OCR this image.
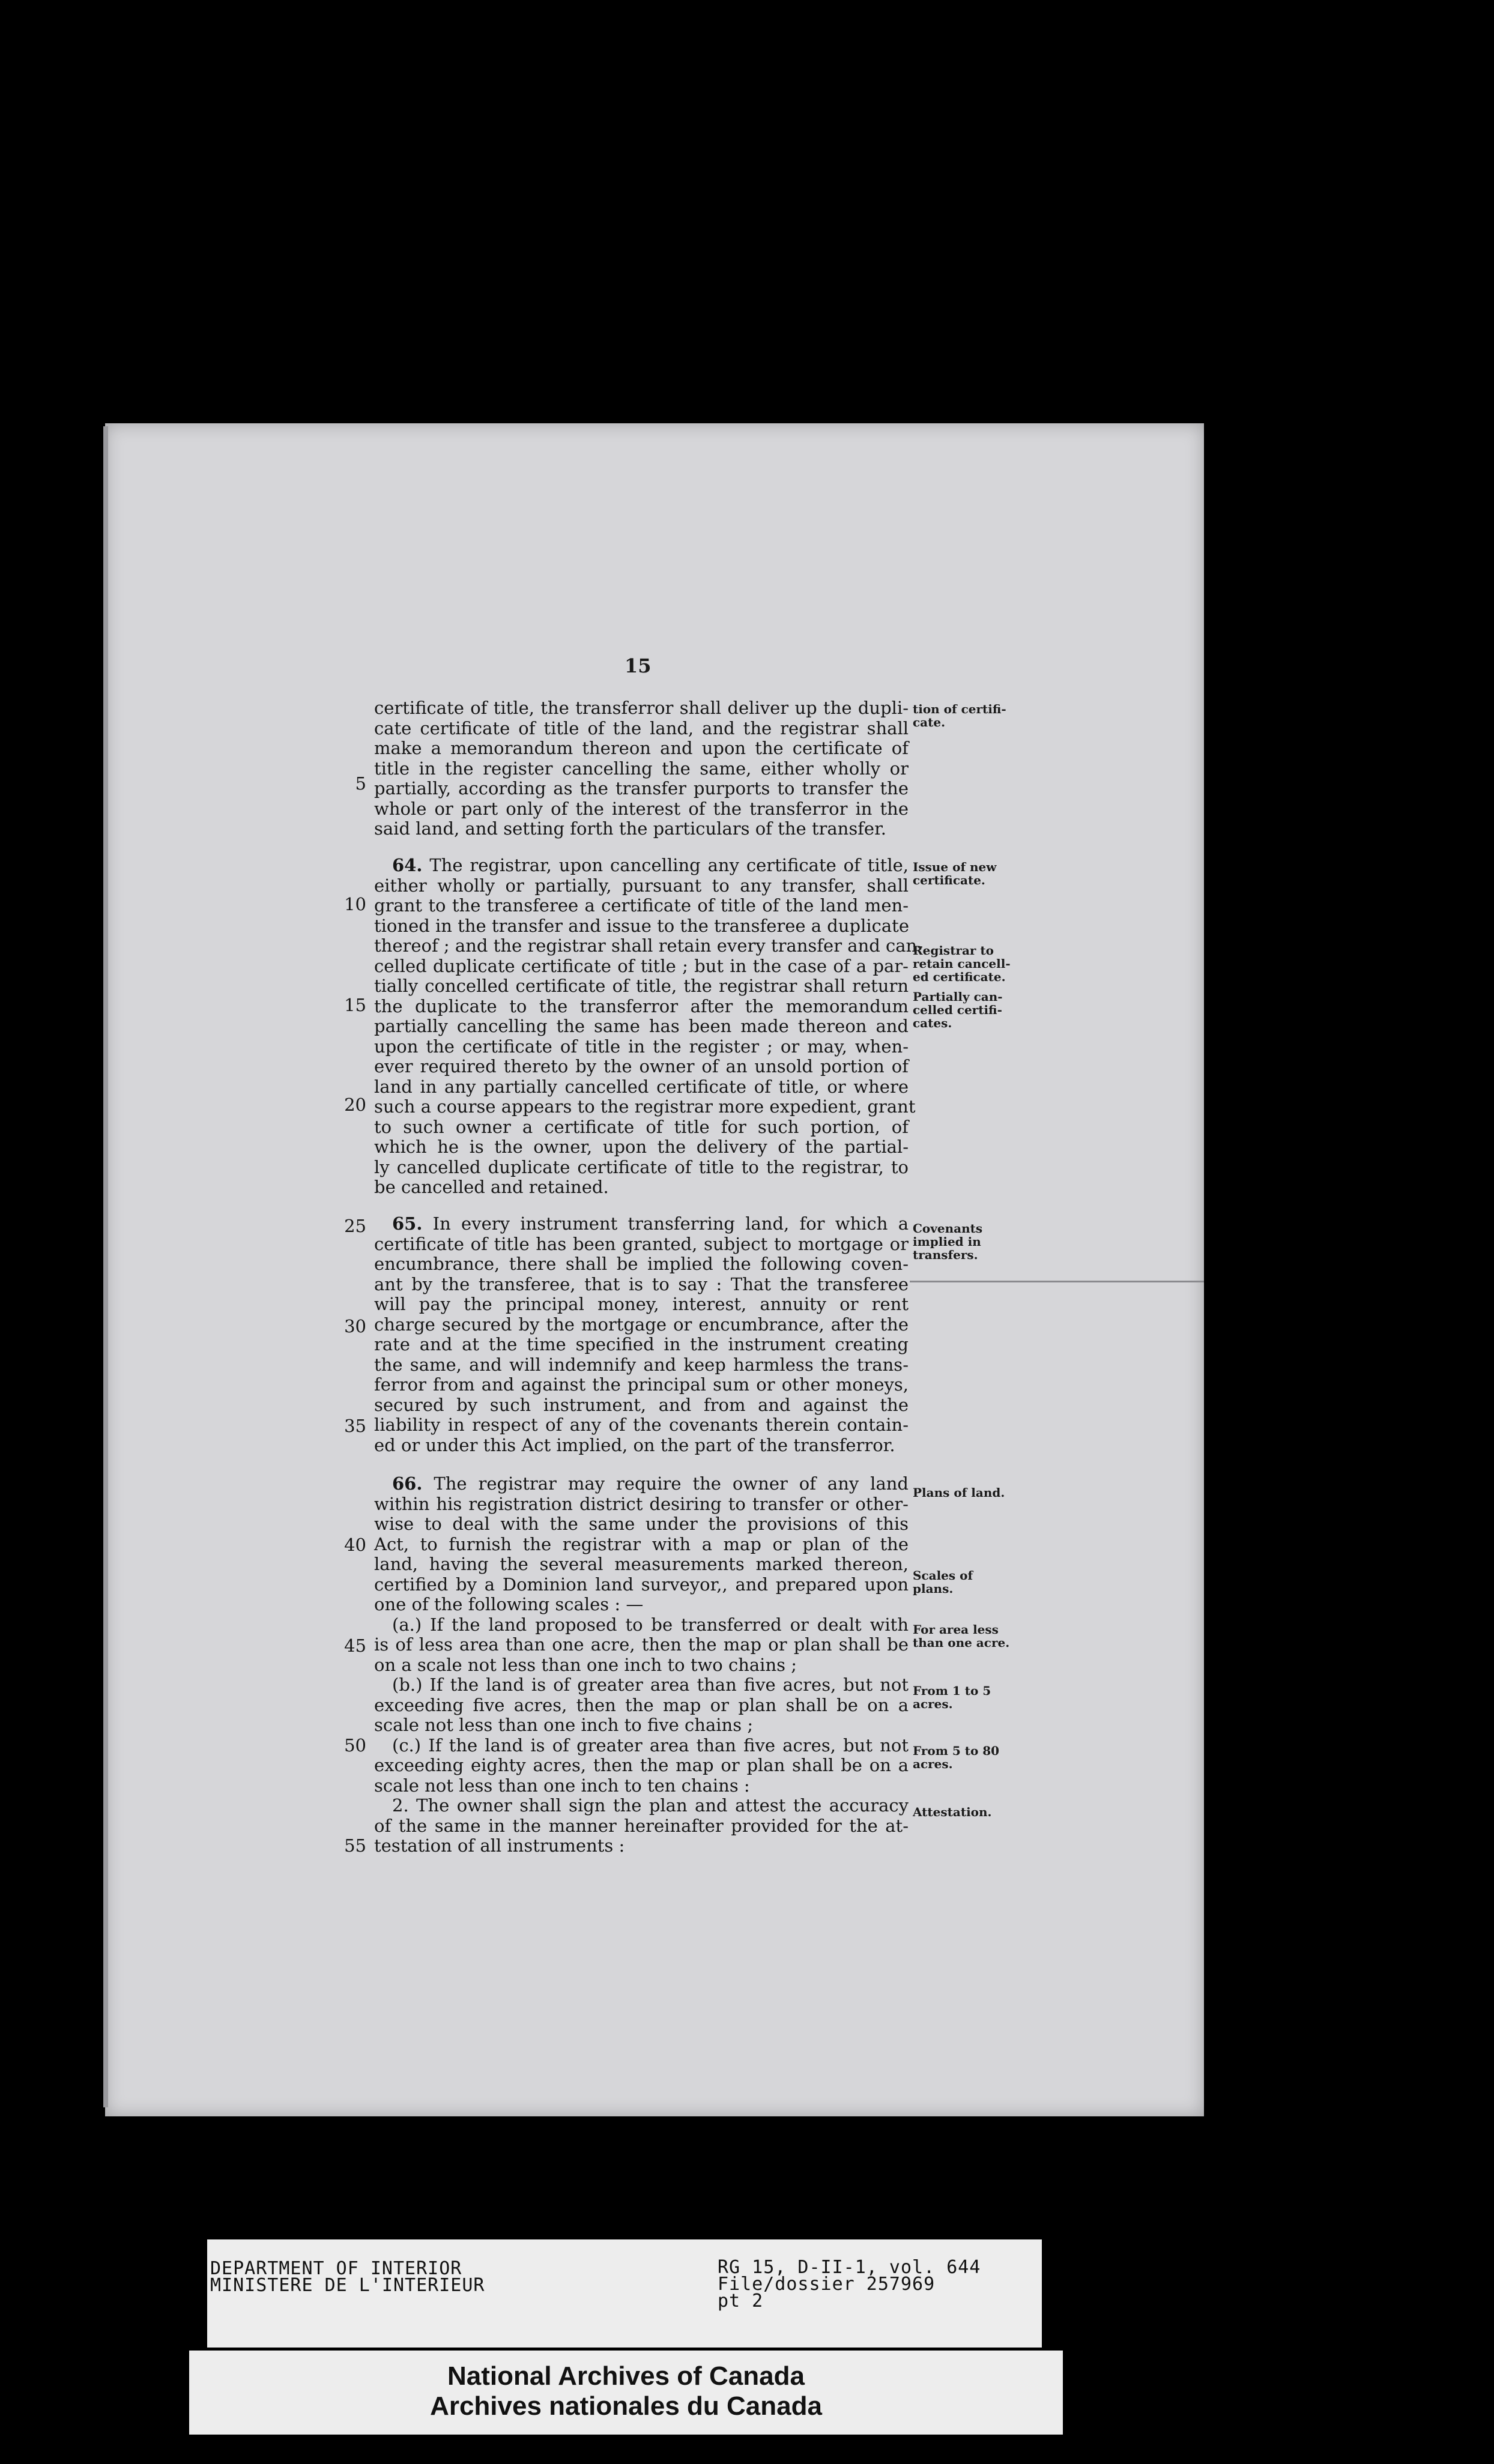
15
certificate of title, the transferror shall deliver up the dupli-
cate certificate of title of the land, and the registrar shall
make a memorandum thereon and upon the certificate of
title in the register cancelling the same, either wholly or
partially, according as the transfer purports to transfer the
whole or part only of the interest of the transferror in the
said land, and setting forth the particulars of the transfer.
64. The registrar, upon cancelling any certificate of title,
either wholly or partially, pursuant to any transfer, shall
grant to the transferee a certificate of title of the land men-
tioned in the transfer and issue to the transferee a duplicate
thereof ; and the registrar shall retain every transfer and can-
celled duplicate certificate of title ; but in the case of a par-
tially concelled certificate of title, the registrar shall return
the duplicate to the transferror after the memorandum
partially cancelling the same has been made thereon and
upon the certificate of title in the register ; or may, when-
ever required thereto by the owner of an unsold portion of
land in any partially cancelled certificate of title, or where
such a course appears to the registrar more expedient, grant
to such owner a certificate of title for such portion, of
which he is the owner, upon the delivery of the partial-
ly cancelled duplicate certificate of title to the registrar, to
be cancelled and retained.
65. In every instrument transferring land, for which a
certificate of title has been granted, subject to mortgage or
encumbrance, there shall be implied the following coven-
ant by the transferee, that is to say : That the transferee
will pay the principal money, interest, annuity or rent
charge secured by the mortgage or encumbrance, after the
rate and at the time specified in the instrument creating
the same, and will indemnify and keep harmless the trans-
ferror from and against the principal sum or other moneys,
secured by such instrument, and from and against the
liability in respect of any of the covenants therein contain-
ed or under this Act implied, on the part of the transferror.
66. The registrar may require the owner of any land
within his registration district desiring to transfer or other-
wise to deal with the same under the provisions of this
Act, to furnish the registrar with a map or plan of the
land, having the several measurements marked thereon,
certified by a Dominion land surveyor,, and prepared upon
one of the following scales : —
(a.) If the land proposed to be transferred or dealt with
is of less area than one acre, then the map or plan shall be
on a scale not less than one inch to two chains ;
(b.) If the land is of greater area than five acres, but not
exceeding five acres, then the map or plan shall be on a
scale not less than one inch to five chains ;
(c.) If the land is of greater area than five acres, but not
exceeding eighty acres, then the map or plan shall be on a
scale not less than one inch to ten chains :
2. The owner shall sign the plan and attest the accuracy
of the same in the manner hereinafter provided for the at-
testation of all instruments :
5
10
15
20
25
30
35
40
45
50
55
tion of certifi-
cate.
Issue of new
certificate.
Registrar to
retain cancell-
ed certificate.
Partially can-
celled certifi-
cates.
Covenants
implied in
transfers.
Plans of land.
Scales of
plans.
For area less
than one acre.
From 1 to 5
acres.
From 5 to 80
acres.
Attestation.
DEPARTMENT OF INTERIOR
MINISTERE DE L'INTERIEUR
RG 15, D-II-1, vol. 644
File/dossier 257969
pt 2
National Archives of Canada
Archives nationales du Canada
